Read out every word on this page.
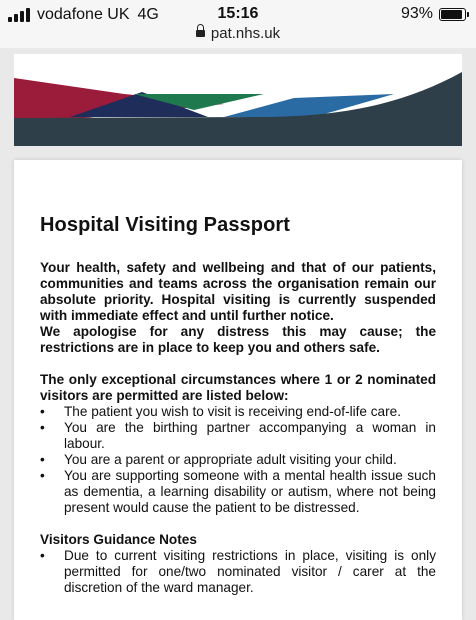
vodafone UK 4G	15:16	93%
pat.nhs.uk
Hospital Visiting Passport

Your health, safety and wellbeing and that of our patients, communities and teams across the organisation remain our absolute priority. Hospital visiting is currently suspended with immediate effect and until further notice.

We apologise for any distress this may cause; the restrictions are in place to keep you and others safe.

The only exceptional circumstances where 1 or 2 nominated visitors are permitted are listed below:

• The patient you wish to visit is receiving end-of-life care.
• You are the birthing partner accompanying a woman in labour.
• You are a parent or appropriate adult visiting your child.
• You are supporting someone with a mental health issue such as dementia, a learning disability or autism, where not being present would cause the patient to be distressed.
Visitors Guidance Notes
• Due to current visiting restrictions in place, visiting is only permitted for one/two nominated visitor / carer at the discretion of the ward manager.
